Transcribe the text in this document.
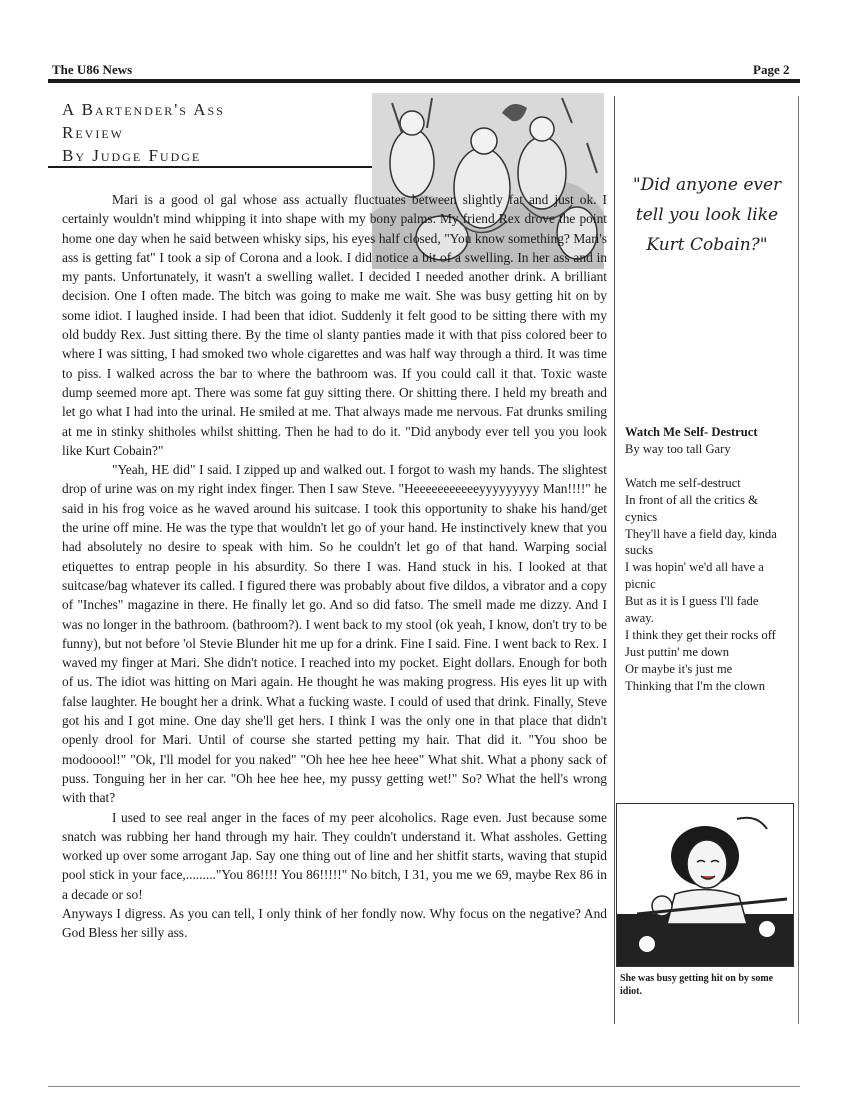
The U86 News	Page 2
A Bartender's Ass
Review
By Judge Fudge

Mari is a good ol gal whose ass actually fluctuates between slightly fat and just ok. I certainly wouldn't mind whipping it into shape with my bony palms. My friend Rex drove the point home one day when he said between whisky sips, his eyes half closed, "You know something? Mari's ass is getting fat" I took a sip of Corona and a look. I did notice a bit of a swelling. In her ass and in my pants. Unfortunately, it wasn't a swelling wallet. I decided I needed another drink. A brilliant decision. One I often made. The bitch was going to make me wait. She was busy getting hit on by some idiot. I laughed inside. I had been that idiot. Suddenly it felt good to be sitting there with my old buddy Rex. Just sitting there. By the time ol slanty panties made it with that piss colored beer to where I was sitting, I had smoked two whole cigarettes and was half way through a third. It was time to piss. I walked across the bar to where the bathroom was. If you could call it that. Toxic waste dump seemed more apt. There was some fat guy sitting there. Or shitting there. I held my breath and let go what I had into the urinal. He smiled at me. That always made me nervous. Fat drunks smiling at me in stinky shitholes whilst shitting. Then he had to do it. "Did anybody ever tell you you look like Kurt Cobain?"

"Yeah, HE did" I said. I zipped up and walked out. I forgot to wash my hands. The slightest drop of urine was on my right index finger. Then I saw Steve. "Heeeeeeeeeeeyyyyyyyyy Man!!!!" he said in his frog voice as he waved around his suitcase. I took this opportunity to shake his hand/get the urine off mine. He was the type that wouldn't let go of your hand. He instinctively knew that you had absolutely no desire to speak with him. So he couldn't let go of that hand. Warping social etiquettes to entrap people in his absurdity. So there I was. Hand stuck in his. I looked at that suitcase/bag whatever its called. I figured there was probably about five dildos, a vibrator and a copy of "Inches" magazine in there. He finally let go. And so did fatso. The smell made me dizzy. And I was no longer in the bathroom. (bathroom?). I went back to my stool (ok yeah, I know, don't try to be funny), but not before 'ol Stevie Blunder hit me up for a drink. Fine I said. Fine. I went back to Rex. I waved my finger at Mari. She didn't notice. I reached into my pocket. Eight dollars. Enough for both of us. The idiot was hitting on Mari again. He thought he was making progress. His eyes lit up with false laughter. He bought her a drink. What a fucking waste. I could of used that drink. Finally, Steve got his and I got mine. One day she'll get hers. I think I was the only one in that place that didn't openly drool for Mari. Until of course she started petting my hair. That did it. "You shoo be modooool!" "Ok, I'll model for you naked" "Oh hee hee hee heee" What shit. What a phony sack of puss. Tonguing her in her car. "Oh hee hee hee, my pussy getting wet!" So? What the hell's wrong with that?

I used to see real anger in the faces of my peer alcoholics. Rage even. Just because some snatch was rubbing her hand through my hair. They couldn't understand it. What assholes. Getting worked up over some arrogant Jap. Say one thing out of line and her shitfit starts, waving that stupid pool stick in your face,........."You 86!!!! You 86!!!!!" No bitch, I 31, you me we 69, maybe Rex 86 in a decade or so!

Anyways I digress. As you can tell, I only think of her fondly now. Why focus on the negative? And God Bless her silly ass.

"Did anyone ever tell you look like Kurt Cobain?"
Watch Me Self- Destruct
By way too tall Gary
Watch me self-destruct
In front of all the critics & cynics
They'll have a field day, kinda sucks
I was hopin' we'd all have a picnic
But as it is I guess I'll fade away.
I think they get their rocks off
Just puttin' me down
Or maybe it's just me
Thinking that I'm the clown
She was busy getting hit on by some idiot.
